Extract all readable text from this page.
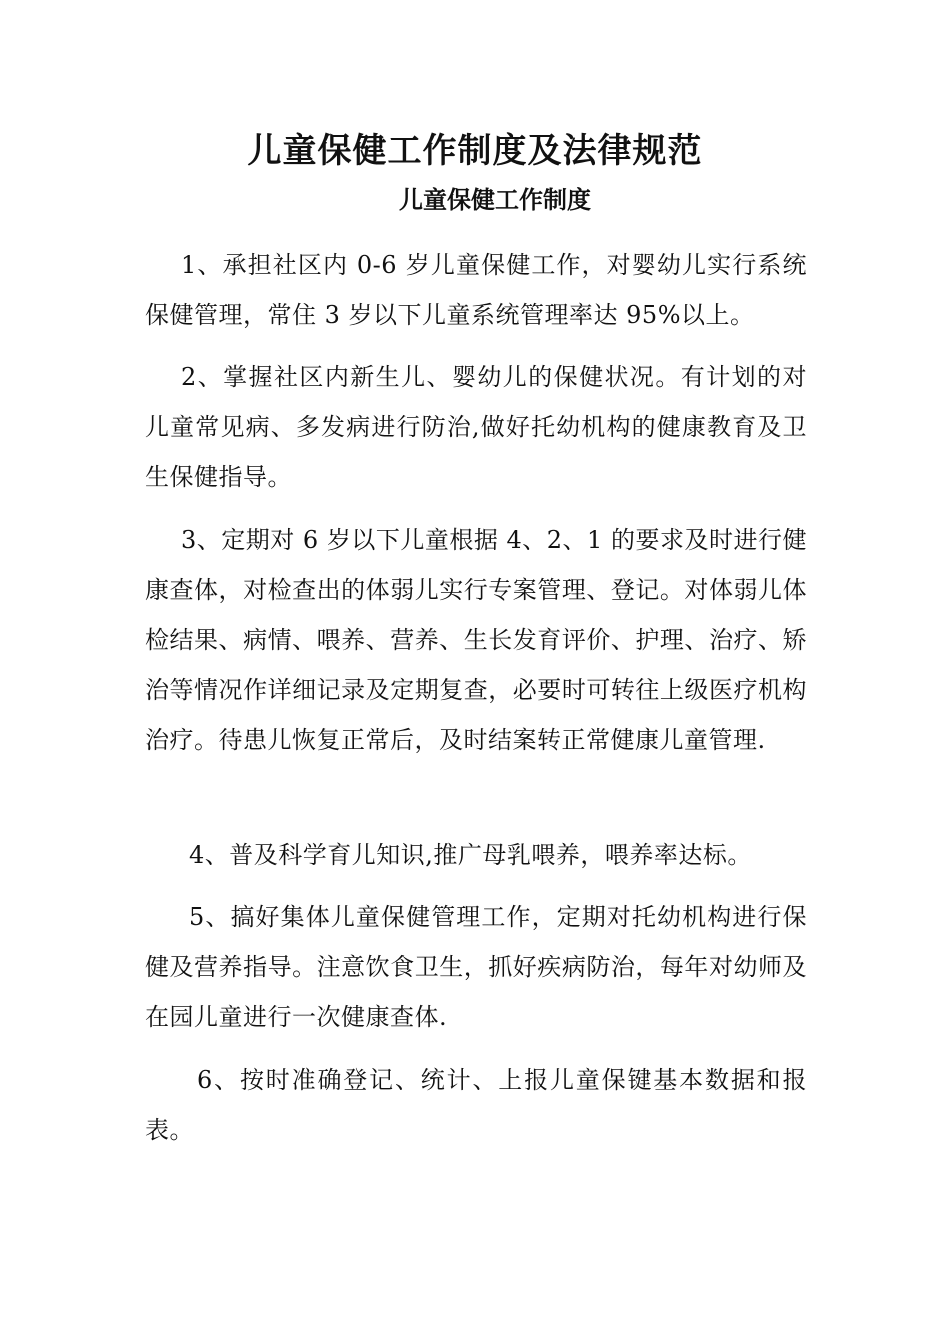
儿童保健工作制度及法律规范
儿童保健工作制度

1、承担社区内 0-6 岁儿童保健工作，对婴幼儿实行系统保健管理，常住 3 岁以下儿童系统管理率达 95%以上。

2、掌握社区内新生儿、婴幼儿的保健状况。有计划的对儿童常见病、多发病进行防治,做好托幼机构的健康教育及卫生保健指导。

3、定期对 6 岁以下儿童根据 4、2、1 的要求及时进行健康查体，对检查出的体弱儿实行专案管理、登记。对体弱儿体检结果、病情、喂养、营养、生长发育评价、护理、治疗、矫治等情况作详细记录及定期复查，必要时可转往上级医疗机构治疗。待患儿恢复正常后，及时结案转正常健康儿童管理.

4、普及科学育儿知识,推广母乳喂养，喂养率达标。

5、搞好集体儿童保健管理工作，定期对托幼机构进行保健及营养指导。注意饮食卫生，抓好疾病防治，每年对幼师及在园儿童进行一次健康查体.

6、按时准确登记、统计、上报儿童保键基本数据和报表。
